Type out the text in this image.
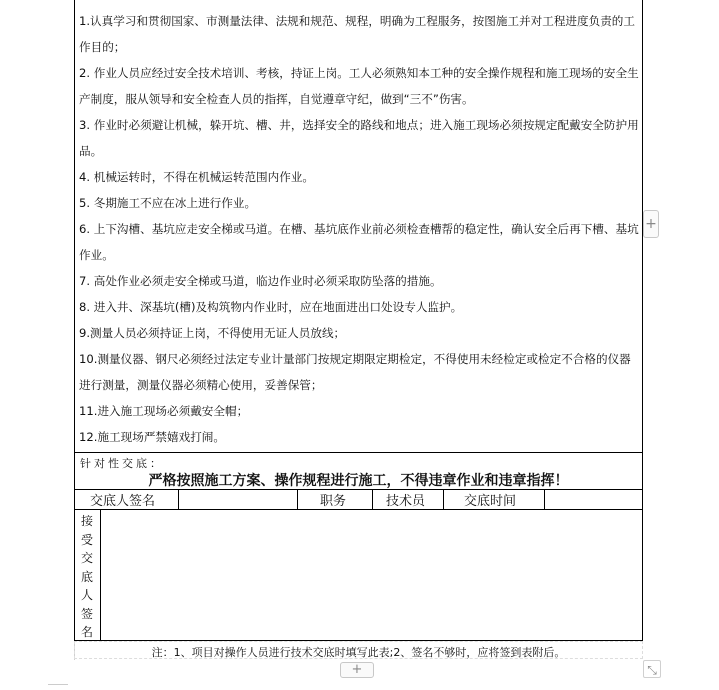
1.认真学习和贯彻国家、市测量法律、法规和规范、规程，明确为工程服务，按图施工并对工程进度负责的工作目的；

2. 作业人员应经过安全技术培训、考核，持证上岗。工人必须熟知本工种的安全操作规程和施工现场的安全生产制度，服从领导和安全检查人员的指挥，自觉遵章守纪，做到“三不”伤害。

3. 作业时必须避让机械，躲开坑、槽、井，选择安全的路线和地点；进入施工现场必须按规定配戴安全防护用品。

4. 机械运转时，不得在机械运转范围内作业。

5. 冬期施工不应在冰上进行作业。

6. 上下沟槽、基坑应走安全梯或马道。在槽、基坑底作业前必须检查槽帮的稳定性，确认安全后再下槽、基坑作业。

7. 高处作业必须走安全梯或马道，临边作业时必须采取防坠落的措施。

8. 进入井、深基坑(槽)及构筑物内作业时，应在地面进出口处设专人监护。

9.测量人员必须持证上岗，不得使用无证人员放线；

10.测量仪器、钢尺必须经过法定专业计量部门按规定期限定期检定，不得使用未经检定或检定不合格的仪器进行测量，测量仪器必须精心使用，妥善保管；

11.进入施工现场必须戴安全帽；

12.施工现场严禁嬉戏打闹。

针对性交底：
严格按照施工方案、操作规程进行施工，不得违章作业和违章指挥！
交底人签名	职务	技术员	交底时间
接
受
交
底
人
签
名
注：1、项目对操作人员进行技术交底时填写此表;2、签名不够时，应将签到表附后。
+
+	⤡
